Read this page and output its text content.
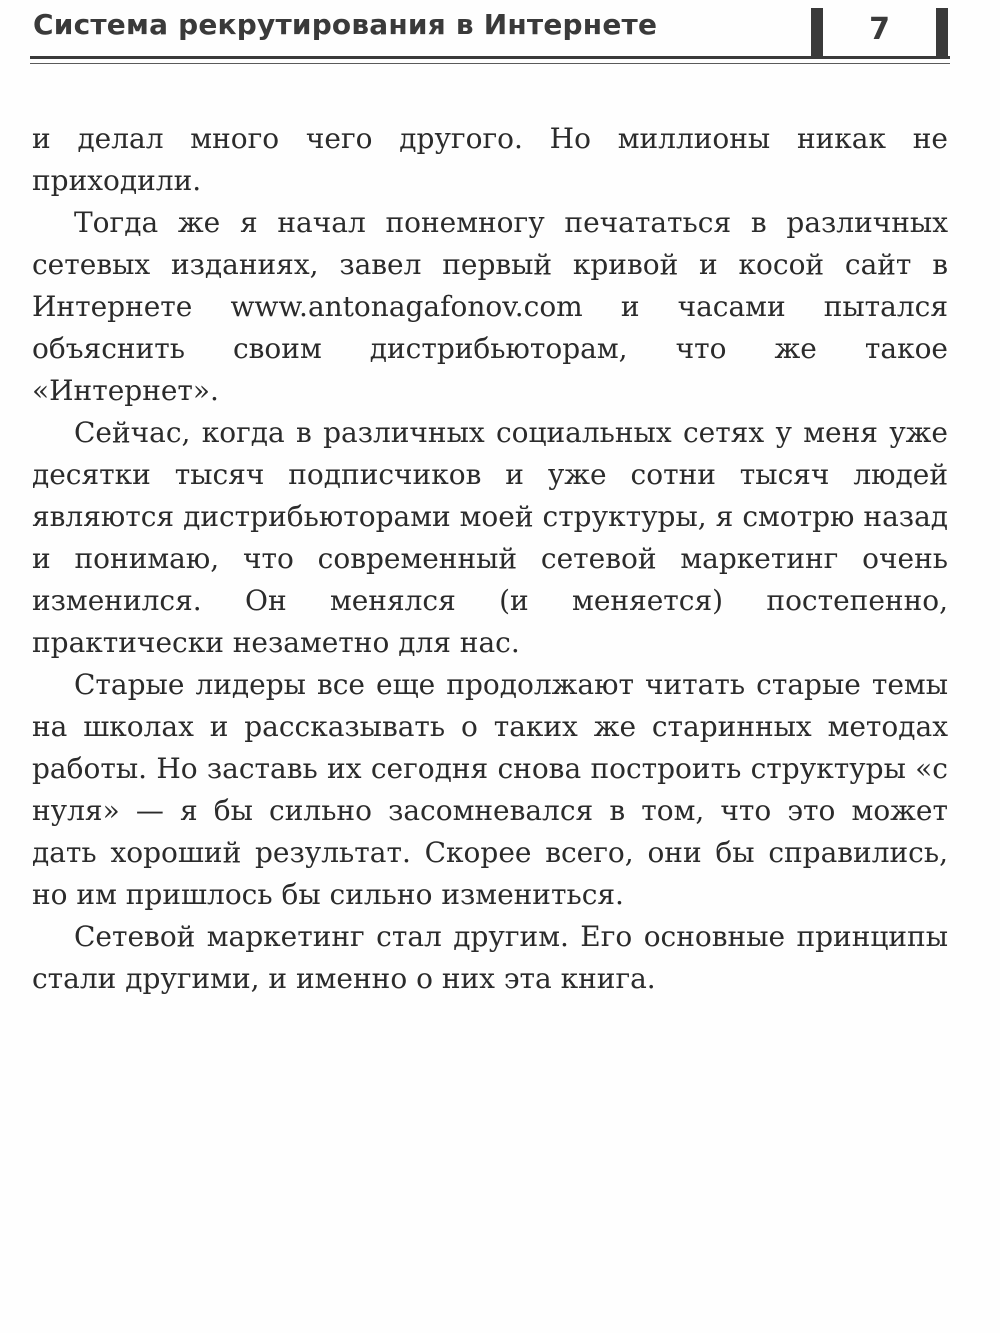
Система рекрутирования в Интернете	7

и делал много чего другого. Но миллионы никак не приходили.

Тогда же я начал понемногу печататься в различных сетевых изданиях, завел первый кривой и косой сайт в Интернете www.antonagafonov.com и часами пытался объяснить своим дистрибьюторам, что же такое «Интернет».

Сейчас, когда в различных социальных сетях у меня уже десятки тысяч подписчиков и уже сотни тысяч людей являются дистрибьюторами моей структуры, я смотрю назад и понимаю, что современный сетевой маркетинг очень изменился. Он менялся (и меняется) постепенно, практически незаметно для нас.

Старые лидеры все еще продолжают читать старые темы на школах и рассказывать о таких же старинных методах работы. Но заставь их сегодня снова построить структуры «с нуля» — я бы сильно засомневался в том, что это может дать хороший результат. Скорее всего, они бы справились, но им пришлось бы сильно измениться.

Сетевой маркетинг стал другим. Его основные принципы стали другими, и именно о них эта книга.
